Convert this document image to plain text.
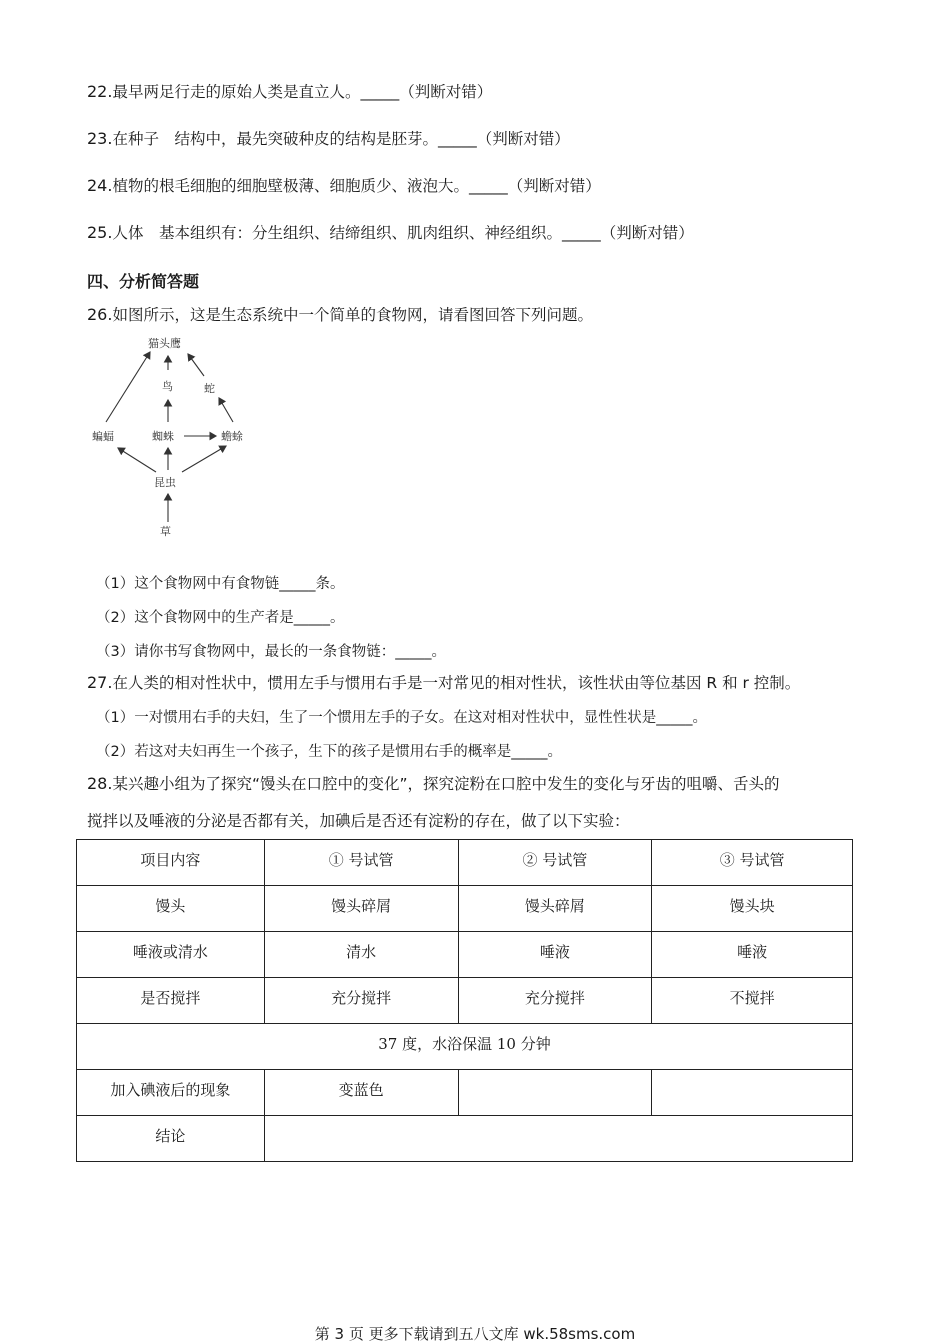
22.最早两足行走的原始人类是直立人。_____（判断对错）
23.在种子　结构中，最先突破种皮的结构是胚芽。_____（判断对错）
24.植物的根毛细胞的细胞壁极薄、细胞质少、液泡大。_____（判断对错）
25.人体　基本组织有：分生组织、结缔组织、肌肉组织、神经组织。_____（判断对错）
四、分析简答题
26.如图所示，这是生态系统中一个简单的食物网，请看图回答下列问题。
猫头鹰
鸟	蛇
蝙蝠	蜘蛛	蟾蜍
昆虫
草
（1）这个食物网中有食物链_____条。
（2）这个食物网中的生产者是_____。
（3）请你书写食物网中，最长的一条食物链：_____。
27.在人类的相对性状中，惯用左手与惯用右手是一对常见的相对性状，该性状由等位基因 R 和 r 控制。
（1）一对惯用右手的夫妇，生了一个惯用左手的子女。在这对相对性状中，显性性状是_____。
（2）若这对夫妇再生一个孩子，生下的孩子是惯用右手的概率是_____。
28.某兴趣小组为了探究“馒头在口腔中的变化”，探究淀粉在口腔中发生的变化与牙齿的咀嚼、舌头的
搅拌以及唾液的分泌是否都有关，加碘后是否还有淀粉的存在，做了以下实验：
项目内容	① 号试管	② 号试管	③ 号试管
馒头	馒头碎屑	馒头碎屑	馒头块
唾液或清水	清水	唾液	唾液
是否搅拌	充分搅拌	充分搅拌	不搅拌
37 度，水浴保温 10 分钟			
加入碘液后的现象	变蓝色		
结论			
第 3 页 更多下载请到五八文库 wk.58sms.com
